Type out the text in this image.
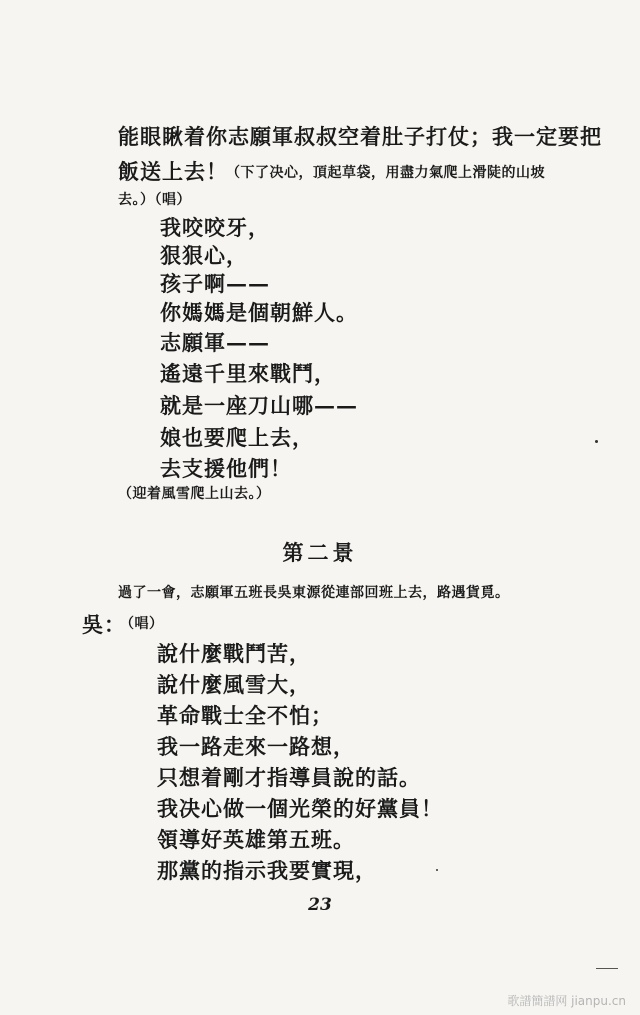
能眼瞅着你志願軍叔叔空着肚子打仗；我一定要把
飯送上去！
（下了决心，頂起草袋，用盡力氣爬上滑陡的山坡
去。）（唱）
我咬咬牙，
狠狠心，
孩子啊——
你媽媽是個朝鮮人。
志願軍——
遙遠千里來戰鬥，
就是一座刀山哪——
娘也要爬上去，
去支援他們！
（迎着風雪爬上山去。）
第二景
過了一會，志願軍五班長吳東源從連部回班上去，路遇貨覓。
吳：
（唱）
說什麼戰鬥苦，
說什麼風雪大，
革命戰士全不怕；
我一路走來一路想，
只想着剛才指導員說的話。
我决心做一個光榮的好黨員！
領導好英雄第五班。
那黨的指示我要實現，
23
歌譜簡譜网 jianpu.cn
